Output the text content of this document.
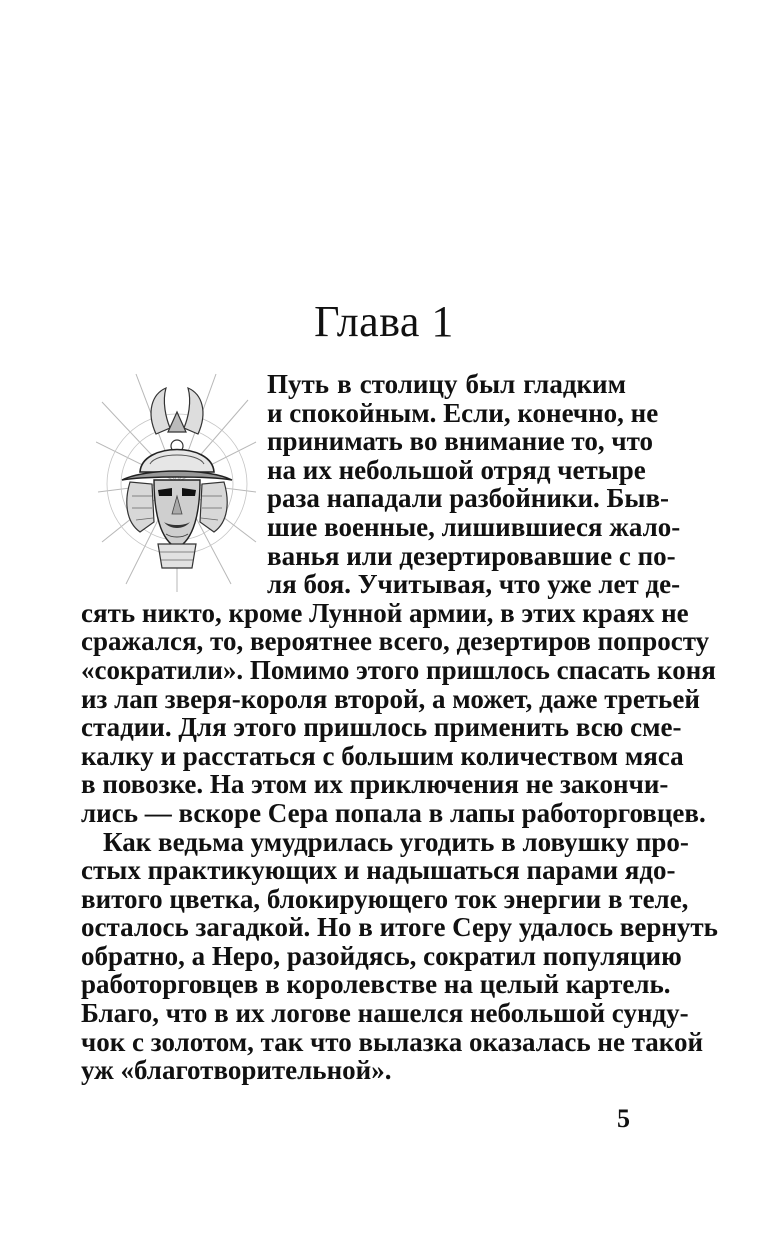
Глава 1
Путь в столицу был гладким
и спокойным. Если, конечно, не
принимать во внимание то, что
на их небольшой отряд четыре
раза нападали разбойники. Быв-
шие военные, лишившиеся жало-
ванья или дезертировавшие с по-
ля боя. Учитывая, что уже лет де-
сять никто, кроме Лунной армии, в этих краях не
сражался, то, вероятнее всего, дезертиров попросту
«сократили». Помимо этого пришлось спасать коня
из лап зверя-короля второй, а может, даже третьей
стадии. Для этого пришлось применить всю сме-
калку и расстаться с большим количеством мяса
в повозке. На этом их приключения не закончи-
лись — вскоре Сера попала в лапы работорговцев.
Как ведьма умудрилась угодить в ловушку про-
стых практикующих и надышаться парами ядо-
витого цветка, блокирующего ток энергии в теле,
осталось загадкой. Но в итоге Серу удалось вернуть
обратно, а Неро, разойдясь, сократил популяцию
работорговцев в королевстве на целый картель.
Благо, что в их логове нашелся небольшой сунду-
чок с золотом, так что вылазка оказалась не такой
уж «благотворительной».
5
